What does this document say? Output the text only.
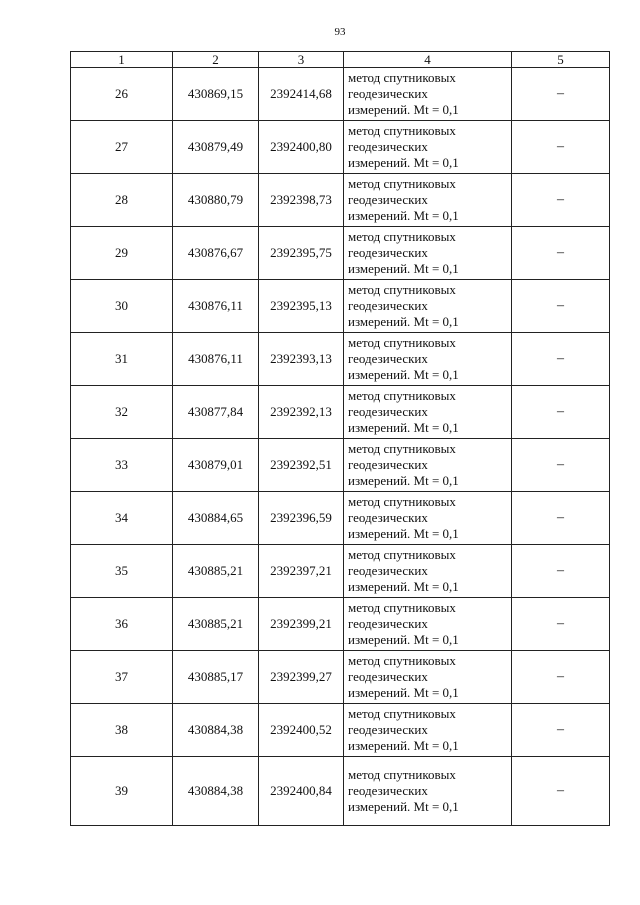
93
1	2	3	4	5
26	430869,15	2392414,68	метод спутниковых
геодезических
измерений. Mt = 0,1	–
27	430879,49	2392400,80	метод спутниковых
геодезических
измерений. Mt = 0,1	–
28	430880,79	2392398,73	метод спутниковых
геодезических
измерений. Mt = 0,1	–
29	430876,67	2392395,75	метод спутниковых
геодезических
измерений. Mt = 0,1	–
30	430876,11	2392395,13	метод спутниковых
геодезических
измерений. Mt = 0,1	–
31	430876,11	2392393,13	метод спутниковых
геодезических
измерений. Mt = 0,1	–
32	430877,84	2392392,13	метод спутниковых
геодезических
измерений. Mt = 0,1	–
33	430879,01	2392392,51	метод спутниковых
геодезических
измерений. Mt = 0,1	–
34	430884,65	2392396,59	метод спутниковых
геодезических
измерений. Mt = 0,1	–
35	430885,21	2392397,21	метод спутниковых
геодезических
измерений. Mt = 0,1	–
36	430885,21	2392399,21	метод спутниковых
геодезических
измерений. Mt = 0,1	–
37	430885,17	2392399,27	метод спутниковых
геодезических
измерений. Mt = 0,1	–
38	430884,38	2392400,52	метод спутниковых
геодезических
измерений. Mt = 0,1	–
39	430884,38	2392400,84	метод спутниковых
геодезических
измерений. Mt = 0,1	–
